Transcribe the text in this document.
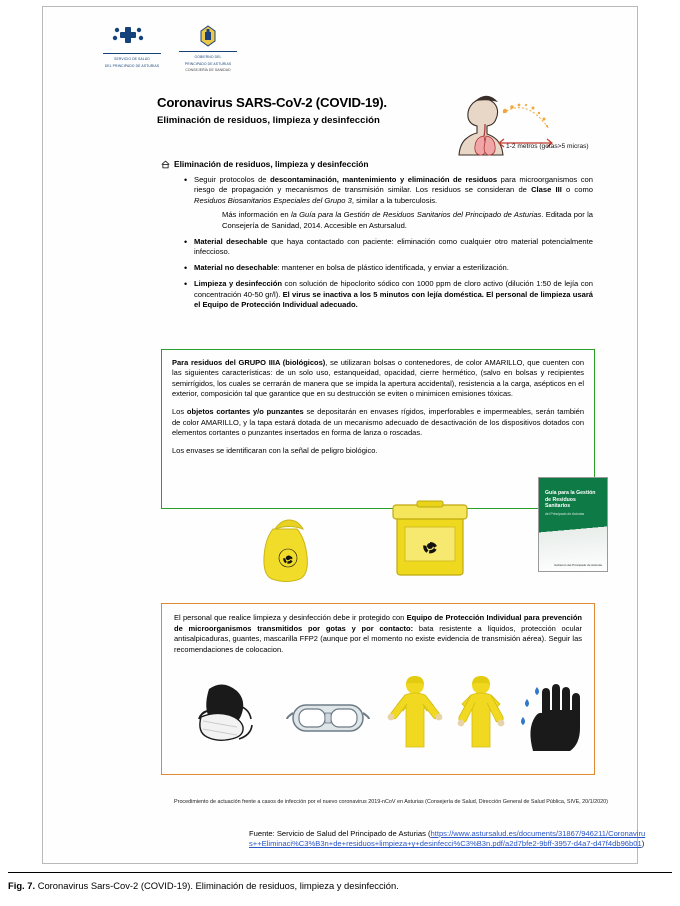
SERVICIO DE SALUD
DEL PRINCIPADO DE ASTURIAS
GOBIERNO DEL
PRINCIPADO DE ASTURIAS
CONSEJERÍA DE SANIDAD
Coronavirus SARS-CoV-2 (COVID-19).
Eliminación de residuos, limpieza y desinfección
1-2 metros (gotas>5 micras)
Eliminación de residuos, limpieza y desinfección
• Seguir protocolos de descontaminación, mantenimiento y eliminación de residuos para microorganismos con riesgo de propagación y mecanismos de transmisión similar. Los residuos se consideran de Clase III o como Residuos Biosanitarios Especiales del Grupo 3, similar a la tuberculosis.
Más información en la Guía para la Gestión de Residuos Sanitarios del Principado de Asturias. Editada por la Consejería de Sanidad, 2014. Accesible en Astursalud.
• Material desechable que haya contactado con paciente: eliminación como cualquier otro material potencialmente infeccioso.
• Material no desechable: mantener en bolsa de plástico identificada, y enviar a esterilización.
• Limpieza y desinfección con solución de hipoclorito sódico con 1000 ppm de cloro activo (dilución 1:50 de lejía con concentración 40-50 gr/l). El virus se inactiva a los 5 minutos con lejía doméstica. El personal de limpieza usará el Equipo de Protección Individual adecuado.

Para residuos del GRUPO IIIA (biológicos), se utilizaran bolsas o contenedores, de color AMARILLO, que cuenten con las siguientes características: de un solo uso, estanqueidad, opacidad, cierre hermético, (salvo en bolsas y recipientes semirrígidos, los cuales se cerrarán de manera que se impida la apertura accidental), resistencia a la carga, asépticos en el exterior, composición tal que garantice que en su destrucción se eviten o minimicen emisiones tóxicas.

Los objetos cortantes y/o punzantes se depositarán en envases rígidos, imperforables e impermeables, serán también de color AMARILLO, y la tapa estará dotada de un mecanismo adecuado de desactivación de los dispositivos dotados con elementos cortantes o punzantes insertados en forma de lanza o roscadas.

Los envases se identificaran con la señal de peligro biológico.

Guía para la Gestión de Residuos Sanitarios
del Principado de Asturias
Gobierno del Principado de Asturias
El personal que realice limpieza y desinfección debe ir protegido con Equipo de Protección Individual para prevención de microorganismos transmitidos por gotas y por contacto: bata resistente a líquidos, protección ocular antisalpicaduras, guantes, mascarilla FFP2 (aunque por el momento no existe evidencia de transmisión aérea). Seguir las recomendaciones de colocacion.
Procedimiento de actuación frente a casos de infección por el nuevo coronavirus 2019-nCoV en Asturias (Consejería de Salud, Dirección General de Salud Pública, SIVE, 20/1/2020)
Fuente: Servicio de Salud del Principado de Asturias (https://www.astursalud.es/documents/31867/946211/Coronavirus++Eliminaci%C3%B3n+de+residuos+limpieza+y+desinfecci%C3%B3n.pdf/a2d7bfe2-9bff-3957-d4a7-d47f4db96b01)
Fig. 7. Coronavirus Sars-Cov-2 (COVID-19). Eliminación de residuos, limpieza y desinfección.
